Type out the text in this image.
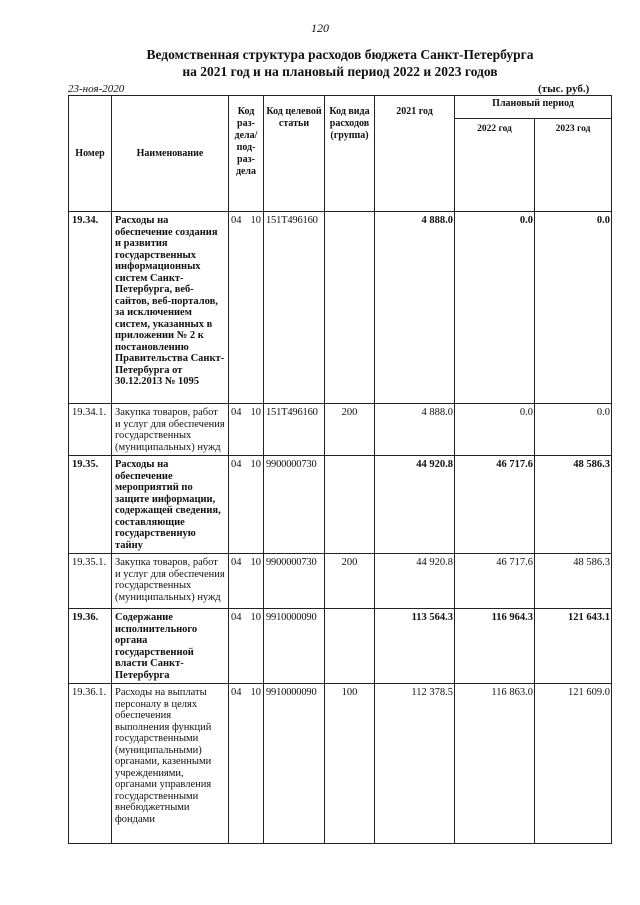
120
Ведомственная структура расходов бюджета Санкт-Петербурга
на 2021 год и на плановый период 2022 и 2023 годов
23-ноя-2020	(тыс. руб.)
Номер	Наименование	Код раз-дела/ под-раз-дела	Код целевой статьи	Код вида расходов (группа)	2021 год	Плановый период	
						2022 год	2023 год
19.34.	Расходы на обеспечение создания и развития государственных информационных систем Санкт-Петербурга, веб-сайтов, веб-порталов, за исключением систем, указанных в приложении № 2 к постановлению Правительства Санкт-Петербурга от 30.12.2013 № 1095	04 10	151Т496160		4 888.0	0.0	0.0
19.34.1.	Закупка товаров, работ и услуг для обеспечения государственных (муниципальных) нужд	04 10	151Т496160	200	4 888.0	0.0	0.0
19.35.	Расходы на обеспечение мероприятий по защите информации, содержащей сведения, составляющие государственную тайну	04 10	9900000730		44 920.8	46 717.6	48 586.3
19.35.1.	Закупка товаров, работ и услуг для обеспечения государственных (муниципальных) нужд	04 10	9900000730	200	44 920.8	46 717.6	48 586.3
19.36.	Содержание исполнительного органа государственной власти Санкт-Петербурга	04 10	9910000090		113 564.3	116 964.3	121 643.1
19.36.1.	Расходы на выплаты персоналу в целях обеспечения выполнения функций государственными (муниципальными) органами, казенными учреждениями, органами управления государственными внебюджетными фондами	04 10	9910000090	100	112 378.5	116 863.0	121 609.0
